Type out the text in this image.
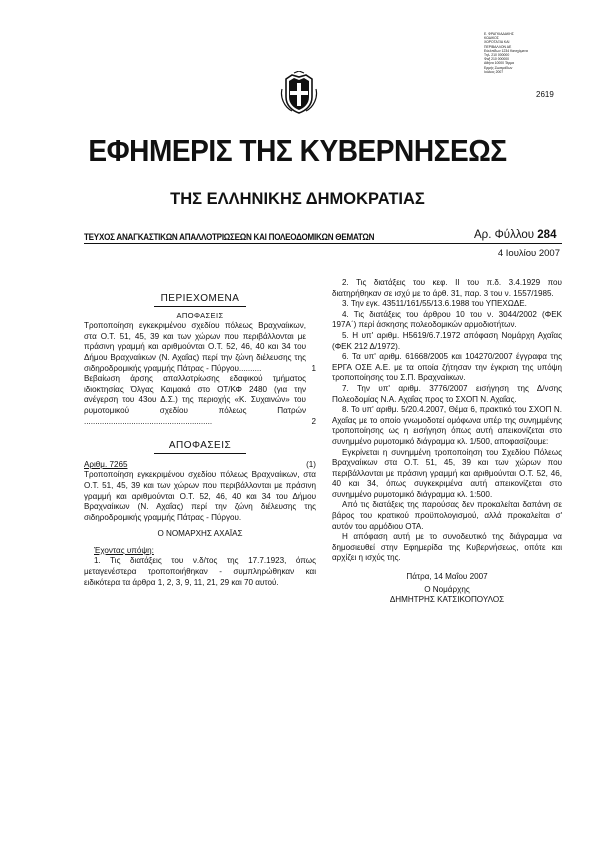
Ε. ΦΡΑΓΚΙΑΔΑΚΗΣ
ΚΩΔΙΚΟΣ
ΧΩΡΟΤΑΞΙΑ ΚΑΙ
ΠΕΡΙΒΑΛΛΟΝ ΑΕ
Εύελπίδων 1234 Κατεχόμενα
Τηλ. 210 000000
Φαξ 210 000000
Αθήνα 10000 Τέρμα
Ερμής Ζωσιμάδων
Ιούλιος 2007
2619
ΕΦΗΜΕΡΙΣ ΤΗΣ ΚΥΒΕΡΝΗΣΕΩΣ
ΤΗΣ ΕΛΛΗΝΙΚΗΣ ΔΗΜΟΚΡΑΤΙΑΣ
ΤΕΥΧΟΣ ΑΝΑΓΚΑΣΤΙΚΩΝ ΑΠΑΛΛΟΤΡΙΩΣΕΩΝ ΚΑΙ ΠΟΛΕΟΔΟΜΙΚΩΝ ΘΕΜΑΤΩΝ	Αρ. Φύλλου 284
4 Ιουλίου 2007

ΠΕΡΙΕΧΟΜΕΝΑ

ΑΠΟΦΑΣΕΙΣ

Τροποποίηση εγκεκριμένου σχεδίου πόλεως Βραχναίικων, στα Ο.Τ. 51, 45, 39 και των χώρων που περιβάλλονται με πράσινη γραμμή και αριθμούνται Ο.Τ. 52, 46, 40 και 34 του Δήμου Βραχναίικων (Ν. Αχαΐας) περί την ζώνη διέλευσης της σιδηροδρομικής γραμμής Πάτρας - Πύργου..........	1

Βεβαίωση άρσης απαλλοτρίωσης εδαφικού τμήματος ιδιοκτησίας Όλγας Καιμακά στο ΟΤ/ΚΦ 2480 (για την ανέγερση του 43ου Δ.Σ.) της περιοχής «Κ. Συχαινών» του ρυμοτομικού σχεδίου πόλεως Πατρών .........................................................	2

ΑΠΟΦΑΣΕΙΣ

Αριθμ. 7265	(1)

Τροποποίηση εγκεκριμένου σχεδίου πόλεως Βραχναίικων, στα Ο.Τ. 51, 45, 39 και των χώρων που περιβάλλονται με πράσινη γραμμή και αριθμούνται Ο.Τ. 52, 46, 40 και 34 του Δήμου Βραχναίικων (Ν. Αχαΐας) περί την ζώνη διέλευσης της σιδηροδρομικής γραμμής Πάτρας - Πύργου.

Ο ΝΟΜΑΡΧΗΣ ΑΧΑΪΑΣ

Έχοντας υπόψη:

1. Τις διατάξεις του ν.δ/τος της 17.7.1923, όπως μεταγενέστερα τροποποιήθηκαν - συμπληρώθηκαν και ειδικότερα τα άρθρα 1, 2, 3, 9, 11, 21, 29 και 70 αυτού.

2. Τις διατάξεις του κεφ. ΙΙ του π.δ. 3.4.1929 που διατηρήθηκαν σε ισχύ με το άρθ. 31, παρ. 3 του ν. 1557/1985.

3. Την εγκ. 43511/161/55/13.6.1988 του ΥΠΕΧΩΔΕ.

4. Τις διατάξεις του άρθρου 10 του ν. 3044/2002 (ΦΕΚ 197Α΄) περί άσκησης πολεοδομικών αρμοδιοτήτων.

5. Η υπ' αριθμ. Η5619/6.7.1972 απόφαση Νομάρχη Αχαΐας (ΦΕΚ 212 Δ/1972).

6. Τα υπ' αριθμ. 61668/2005 και 104270/2007 έγγραφα της ΕΡΓΑ ΟΣΕ Α.Ε. με τα οποία ζήτησαν την έγκριση της υπόψη τροποποίησης του Σ.Π. Βραχναίικων.

7. Την υπ' αριθμ. 3776/2007 εισήγηση της Δ/νσης Πολεοδομίας Ν.Α. Αχαΐας προς το ΣΧΟΠ Ν. Αχαΐας.

8. Το υπ' αριθμ. 5/20.4.2007, Θέμα 6, πρακτικό του ΣΧΟΠ Ν. Αχαΐας με το οποίο γνωμοδοτεί ομόφωνα υπέρ της συνημμένης τροποποίησης ως η εισήγηση όπως αυτή απεικονίζεται στο συνημμένο ρυμοτομικό διάγραμμα κλ. 1/500, αποφασίζουμε:

Εγκρίνεται η συνημμένη τροποποίηση του Σχεδίου Πόλεως Βραχναίικων στα Ο.Τ. 51, 45, 39 και των χώρων που περιβάλλονται με πράσινη γραμμή και αριθμούνται Ο.Τ. 52, 46, 40 και 34, όπως συγκεκριμένα αυτή απεικονίζεται στο συνημμένο ρυμοτομικό διάγραμμα κλ. 1:500.

Από τις διατάξεις της παρούσας δεν προκαλείται δαπάνη σε βάρος του κρατικού προϋπολογισμού, αλλά προκαλείται σ' αυτόν του αρμόδιου ΟΤΑ.

Η απόφαση αυτή με το συνοδευτικό της διάγραμμα να δημοσιευθεί στην Εφημερίδα της Κυβερνήσεως, οπότε και αρχίζει η ισχύς της.

Πάτρα, 14 Μαΐου 2007

Ο Νομάρχης

ΔΗΜΗΤΡΗΣ ΚΑΤΣΙΚΟΠΟΥΛΟΣ
